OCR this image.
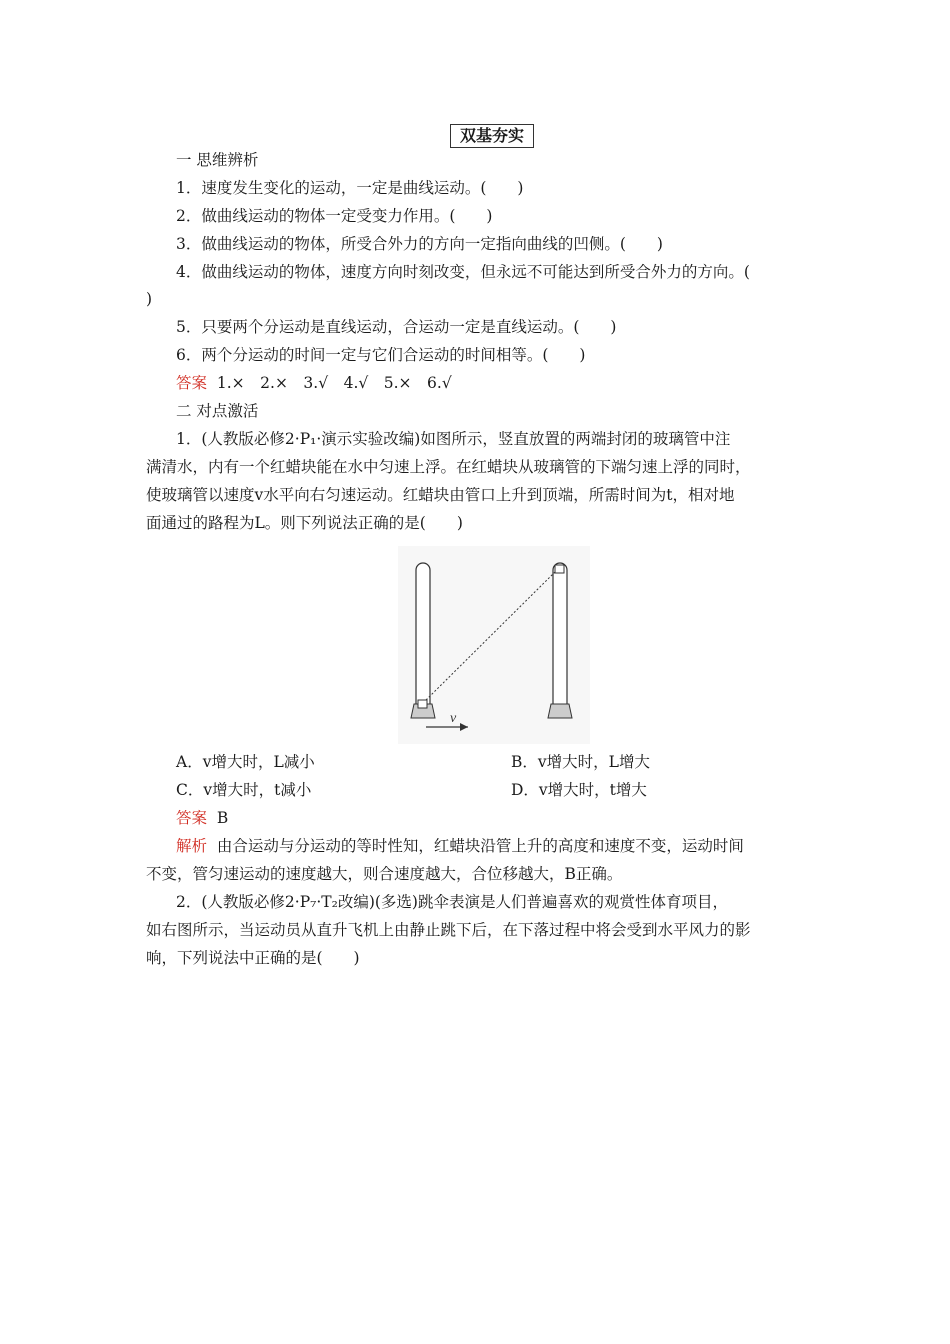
双基夯实
一 思维辨析
1．速度发生变化的运动，一定是曲线运动。(　　)
2．做曲线运动的物体一定受变力作用。(　　)
3．做曲线运动的物体，所受合外力的方向一定指向曲线的凹侧。(　　)
4．做曲线运动的物体，速度方向时刻改变，但永远不可能达到所受合外力的方向。(
)
5．只要两个分运动是直线运动，合运动一定是直线运动。(　　)
6．两个分运动的时间一定与它们合运动的时间相等。(　　)
答案 1.×　2.×　3.√　4.√　5.×　6.√
二 对点激活
1．(人教版必修2·P₁·演示实验改编)如图所示，竖直放置的两端封闭的玻璃管中注
满清水，内有一个红蜡块能在水中匀速上浮。在红蜡块从玻璃管的下端匀速上浮的同时，
使玻璃管以速度v水平向右匀速运动。红蜡块由管口上升到顶端，所需时间为t，相对地
面通过的路程为L。则下列说法正确的是(　　)
v
A．v增大时，L减小	B．v增大时，L增大
C．v增大时，t减小	D．v增大时，t增大
答案 B
解析 由合运动与分运动的等时性知，红蜡块沿管上升的高度和速度不变，运动时间
不变，管匀速运动的速度越大，则合速度越大，合位移越大，B正确。
2．(人教版必修2·P₇·T₂改编)(多选)跳伞表演是人们普遍喜欢的观赏性体育项目，
如右图所示，当运动员从直升飞机上由静止跳下后，在下落过程中将会受到水平风力的影
响，下列说法中正确的是(　　)
